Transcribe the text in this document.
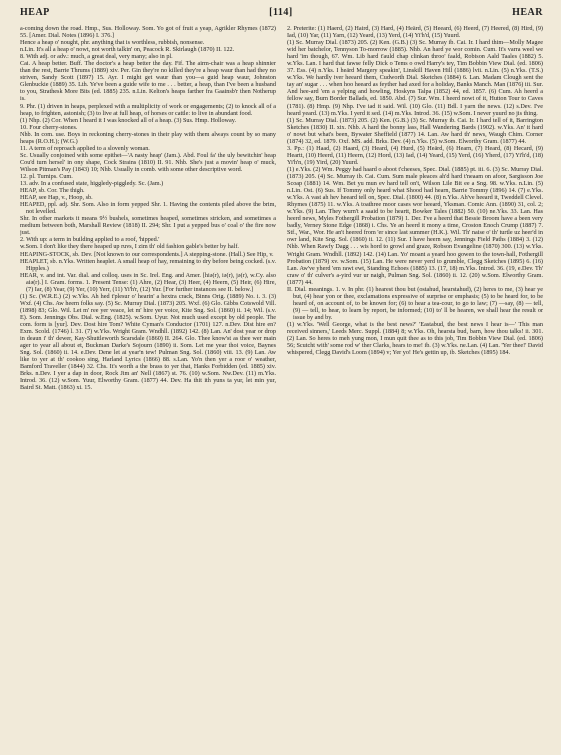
HEAP	[114]	HEAR

a-coming down the road. Hmp., Sus. Holloway. Som. Yo got of fruit a yeap, Agrikler Rhymes (1872) 55. [Amer. Dial. Notes (1896) I. 376.]

Hence a heap o' nought, phr. anything that is worthless, rubbish, nonsense.

n.Lin. It's all a heap o' nowt, not worth talkin' on, Peacock R. Skirlaugh (1870) II. 122.

8. With adj. or adv.: much, a great deal, very many; also in pl.

Cai. A heap better. Buff. The doctor's a heap better the day. Fif. The airm-chair was a heap shinnier than the rest, Barrie Thrums (1889) xiv. Per. Gin they're no killed they're a heap waur than had they no striven, Sandy Scott (1897) 15. Ayr. I might get waur than you—a guid heap waur, Johnston Glenbuckie (1889) 35. Lth. Ye've been a guide wife to me . . . better, a heap, than I've been a husband to you, Strathesk More Bits (ed. 1885) 235. n.Lin. Kelton's heaps farther fra Gaainsb'r then Notherup is.

9. Phr. (1) driven in heaps, perplexed with a multiplicity of work or engagements; (2) to knock all of a heap, to frighten, astonish; (3) to live at full heap, of horses or cattle: to live in abundant food.

(1) Nhp. (2) Cor. When I heard it I was knocked all of a heap. (3) Sus. Hmp. Holloway.

10. Four cherry-stones.

Nhb. In com. use. Boys in reckoning cherry-stones in their play with them always count by so many heaps (R.O.H.); (W.G.)

11. A term of reproach applied to a slovenly woman.

Sc. Usually conjoined with some epithet—'A nasty heap' (Jam.). Abd. Foul fa' the uly bewitchin' heap Cou'd turn hersel' in ony shape, Cock Strains (1810) II. 91. Nhb. She's just a movin' heap o' muck, Wilson Pitman's Pay (1843) 10; Nhb. Usually in comb. with some other descriptive word.

12. pl. Turnips. Cum.

13. adv. In a confused state, higgledy-piggledy. Sc. (Jam.)

HEAP, sb. Cor. The thigh.

HEAP, see Hap, v., Hoop, sb.

HEAPED, ppl. adj. Shr. Som. Also in form yepped Shr. 1. Having the contents piled above the brim, not levelled.

Shr. In other markets it means 9½ bushels, sometimes heaped, sometimes stricken, and sometimes a medium between both, Marshall Review (1818) II. 294; Shr. I put a yepped bus o' coal o' the fire now just.

2. With up: a term in building applied to a roof, 'hipped.'

w.Som. I don't like they there heaped up ruvs, I zim th' old fashion gable's better by half.

HEAPING-STOCK, sb. Dev. [Not known to our correspondents.] A stepping-stone. (Hall.) See Hip, v.

HEAPLET, sb. n.Yks. Written heaplet. A small heap of hay, remaining to dry before being cocked. (s.v. Hipples.)

HEAR, v. and int. Var. dial. and colloq. uses in Sc. Irel. Eng. and Amer. [hiə(r), iə(r), jə(r), w.Cy. also aiə(r).] I. Gram. forms. 1. Present Tense: (1) Ahre, (2) Hear, (3) Heer, (4) Heern, (5) Heir, (6) Hire, (7) Iar, (8) Year, (9) Yer, (10) Yerr, (11) Yi'h'r, (12) Yur. [For further instances see II. below.]

(1) Sc. (W.R.E.) (2) w.Yks. Ah hed t'plesur o' hearin' a hextra crack, Binns Orig. (1889) No. i. 3. (3) Wxf. (4) Chs. Aw heern folks say. (5) Sc. Murray Dial. (1873) 205. Wxf. (6) Glo. Gibbs Cotswold Vill. (1898) 83; Glo. Wil. Let m' ree yer veace, let m' hire yer voice, Kite Sng. Sol. (1860) ii. 14; Wil. (s.v. E). Som. Jennings Obs. Dial. w.Eng. (1825). w.Som. Uyur. Not much used except by old people. The com. form is [yur]. Dev. Dost hire Tom? White Cyman's Conductor (1701) 127. n.Dev. Dist hire en? Exm. Scold. (1746) l. 31. (7) w.Yks. Wright Gram. Wndhll. (1892) 142. (8) Lan. An' dost year or drop in deaun i' th' dewer, Kay-Shuttleworth Scarsdale (1860) II. 264. Glo. Thee know'st as thee wer main ager to year all about et, Buckman Darke's Sojourn (1890) ii. Som. Let me year thoi voice, Baynes Sng. Sol. (1860) ii. 14. e.Dev. Dene let ai year'n tew! Pulman Sng. Sol. (1860) viii. 13. (9) Lan. Aw like to yer at th' cookoo sing, Harland Lyrics (1866) 88. s.Lan. Yo'n then yer a roor o' weather, Bamford Traveller (1844) 32. Chs. It's worth a the brass to yer that, Hanks Forbidden (ed. 1885) xiv. Brks. n.Dev. I yer a dap in door, Rock Jim an' Nell (1867) st. 76. (10) w.Som. Nw.Dev. (11) m.Yks. Introd. 36. (12) w.Som. Yuur, Elworthy Gram. (1877) 44. Dev. Ha thit ith yuns ta yur, let min yur, Baird St. Matt. (1863) xi. 15.

2. Preterite: (1) Haerd, (2) Haird, (3) Hard, (4) Heärd, (5) Heeard, (6) Heerd, (7) Heered, (8) Hird, (9) Iad, (10) Yar, (11) Yarn, (12) Yeard, (13) Yerd, (14) Yi'h'd, (15) Yuurd.

(1) Sc. Murray Dial. (1873) 205. (2) Ken. (G.B.) (3) Sc. Murray ib. Cai. Ir. I hard thim—Molly Magee wid her batchelor, Tennyson To-morrow (1885). Nhb. An hard ye wor comin. Cum. It's varra weel we hard 'im though, 67. Wm. Lib hard t'auld chap clinkan throo' faald, Robison Aald Taales (1882) 5. w.Yks. Lan. I hard that fawse felly Dick o Tems o owd Harry's tey, Tim Bobbin View Dial. (ed. 1806) 37. Ess. (4) n.Yks. I heärd Margery speakin', Linskill Haven Hill (1886) lvii. n.Lin. (5) n.Yks. (T.S.) w.Yks. We hardly iver heeard them, Cudworth Dial. Sketches (1884) 6. Lan. Madam Clough sent the tay an' sugar . . . when hoo heeard as feyther had axed for a holiday, Banks Manch. Man (1876) iii. Sur. And hee-ard 'em a yelping and howling, Hoskyns Talpa (1852) 44, ed. 1857. (6) Cum. Ah heerd a fellow say, Burn Border Ballads, ed. 1850. Abd. (7) Sur. Wm. I heerd nowt of it, Hutton Tour to Caves (1781). (8) Hmp. (9) Nhp. I've iad it said. Wil. (10) Glo. (11) Bdl. I yarn the news. (12) s.Dev. I've heard yeard. (13) m.Yks. I yerd it sed. (14) m.Yks. Introd. 36. (15) w.Som. I never yuurd no jis thing.

(1) Sc. Murray Dial. (1873) 205. (2) Ken. (G.B.) (3) Sc. Murray ib. Cai. Ir. I hard tell of it, Barrington Sketches (1830) II. xix. Nhb. A hard the bonny lass, Hall Wandering Bards (1902). w.Yks. An' it hard o' nowt but what's been, Bywater Sheffield (1877) 14. Lan. Aw hard th' news, Waugh Chim. Corner (1874) 32, ed. 1879. Oxf. MS. add. Brks. Dev. (4) n.Yks. (5) w.Som. Elworthy Gram. (1877) 44.

3. Pp.: (1) Haad, (2) Haard, (3) Heard, (4) Hurd, (5) Heärd, (6) Hearn, (7) Heard, (8) Hecard, (9) Heartt, (10) Heerd, (11) Heern, (12) Hord, (13) Iad, (14) Yeard, (15) Yerd, (16) Yherd, (17) Yi'h'd, (18) Yi'h'n, (19) Yird, (20) Yuurd.

(1) e.Yks. (2) Wm. Peggy had haard o aboot t'cheeses, Spec. Dial. (1885) pt. iii. 6. (3) Sc. Murray Dial. (1873) 205. (4) Sc. Murray ib. Cai. Cum. Sum male pleaces ah'd hard t'neaam on afoor, Sargisson Joe Scoap (1881) 14. Wm. Bet yu mun ev hard tell on't, Wilson Lile Bit ee a Sng. 98. w.Yks. n.Lin. (5) n.Lin. Ost. (6) Sus. If Tommy only heard what Shood had hearn, Barrie Tommy (1896) 14. (7) e.Yks. w.Yks. A vast ah hev heeard tell on, Spec. Dial. (1800) 44. (8) n.Yks. Ah've heeard it, Tweddell Clevel. Rhymes (1875) 11. w.Yks. A toathree moor cases wor heeard, Yksman. Comic Ann. (1890) 31, col. 2; w.Yks. (9) Lan. They wurn't a saaid to be heartt, Bowker Tales (1882) 50. (10) ne.Yks. 33. Lan. Has heerd news, Myles Fothergill Probation (1879) 1. Der. I've a heerd that Bessie Broom have a been very badly, Verney Stone Edge (1868) i. Chs. Ye an heerd it mony a time, Croston Enoch Crump (1887) 7. Stf., War., Wor. He an't heered from 'er since last summer (H.K.). Wil. Th' naise o' th' turtle uz heer'd in owr land, Kite Sng. Sol. (1860) ii. 12. (11) Sur. I have heern say, Jennings Field Paths (1884) 3. (12) Nhb. When Rawfy Dagg . . . wis hord to growl and graze, Robson Evangeline (1870) 300. (13) w.Yks. Wright Gram. Wndhll. (1892) 142. (14) Lan. Yo' moant a yeard hoo gowen to the town-hall, Fothergill Probation (1879) xv. w.Som. (15) Lan. He were never yerd to grumble, Clegg Sketches (1895) 6. (16) Lan. Aw've yherd 'em rawt ewt, Standing Echoes (1885) 13. (17, 18) m.Yks. Introd. 36. (19, e.Dev. Th' craw o' th' culver's a-yird vur ur naigh, Pulman Sng. Sol. (1860) ii. 12. (20) w.Som. Elworthy Gram. (1877) 44.

II. Dial. meanings. 1. v. In phr. (1) hearest thou but (ostahud, hearstahud), (2) heres to me, (3) hear ye but, (4) hear yon or thee, exclamations expressive of surprise or emphasis; (5) to be heard for, to be heard of, on account of, to be known for; (6) to hear a tea-cour, to go to law; (7) —say, (8) — tell, (9) — tell, to hear, to learn by report, be informed; (10) to' ll be hearen, we shall hear the result or issue by and by.

(1) w.Yks. 'Well George, what is the best news?' 'Eastabud, the best news I hear is—' This man received sinners,' Leeds Merc. Suppl. (1884) 8; w.Yks. Oh, hearsta bud, barn, how thou talks! ii. 301. (2) Lan. So heres to meh yung mon, I mun quit thee as to this job, Tim Bobbin View Dial. (ed. 1806) 56; Scutcht with' some rod w' ther Clarks, hears to me! ib. (3) w.Yks. ne.Lan. (4) Lan. 'Yer thee!' David whispered, Clegg David's Loom (1894) v; Yer yo! He's gettin up, ib. Sketches (1895) 184.
